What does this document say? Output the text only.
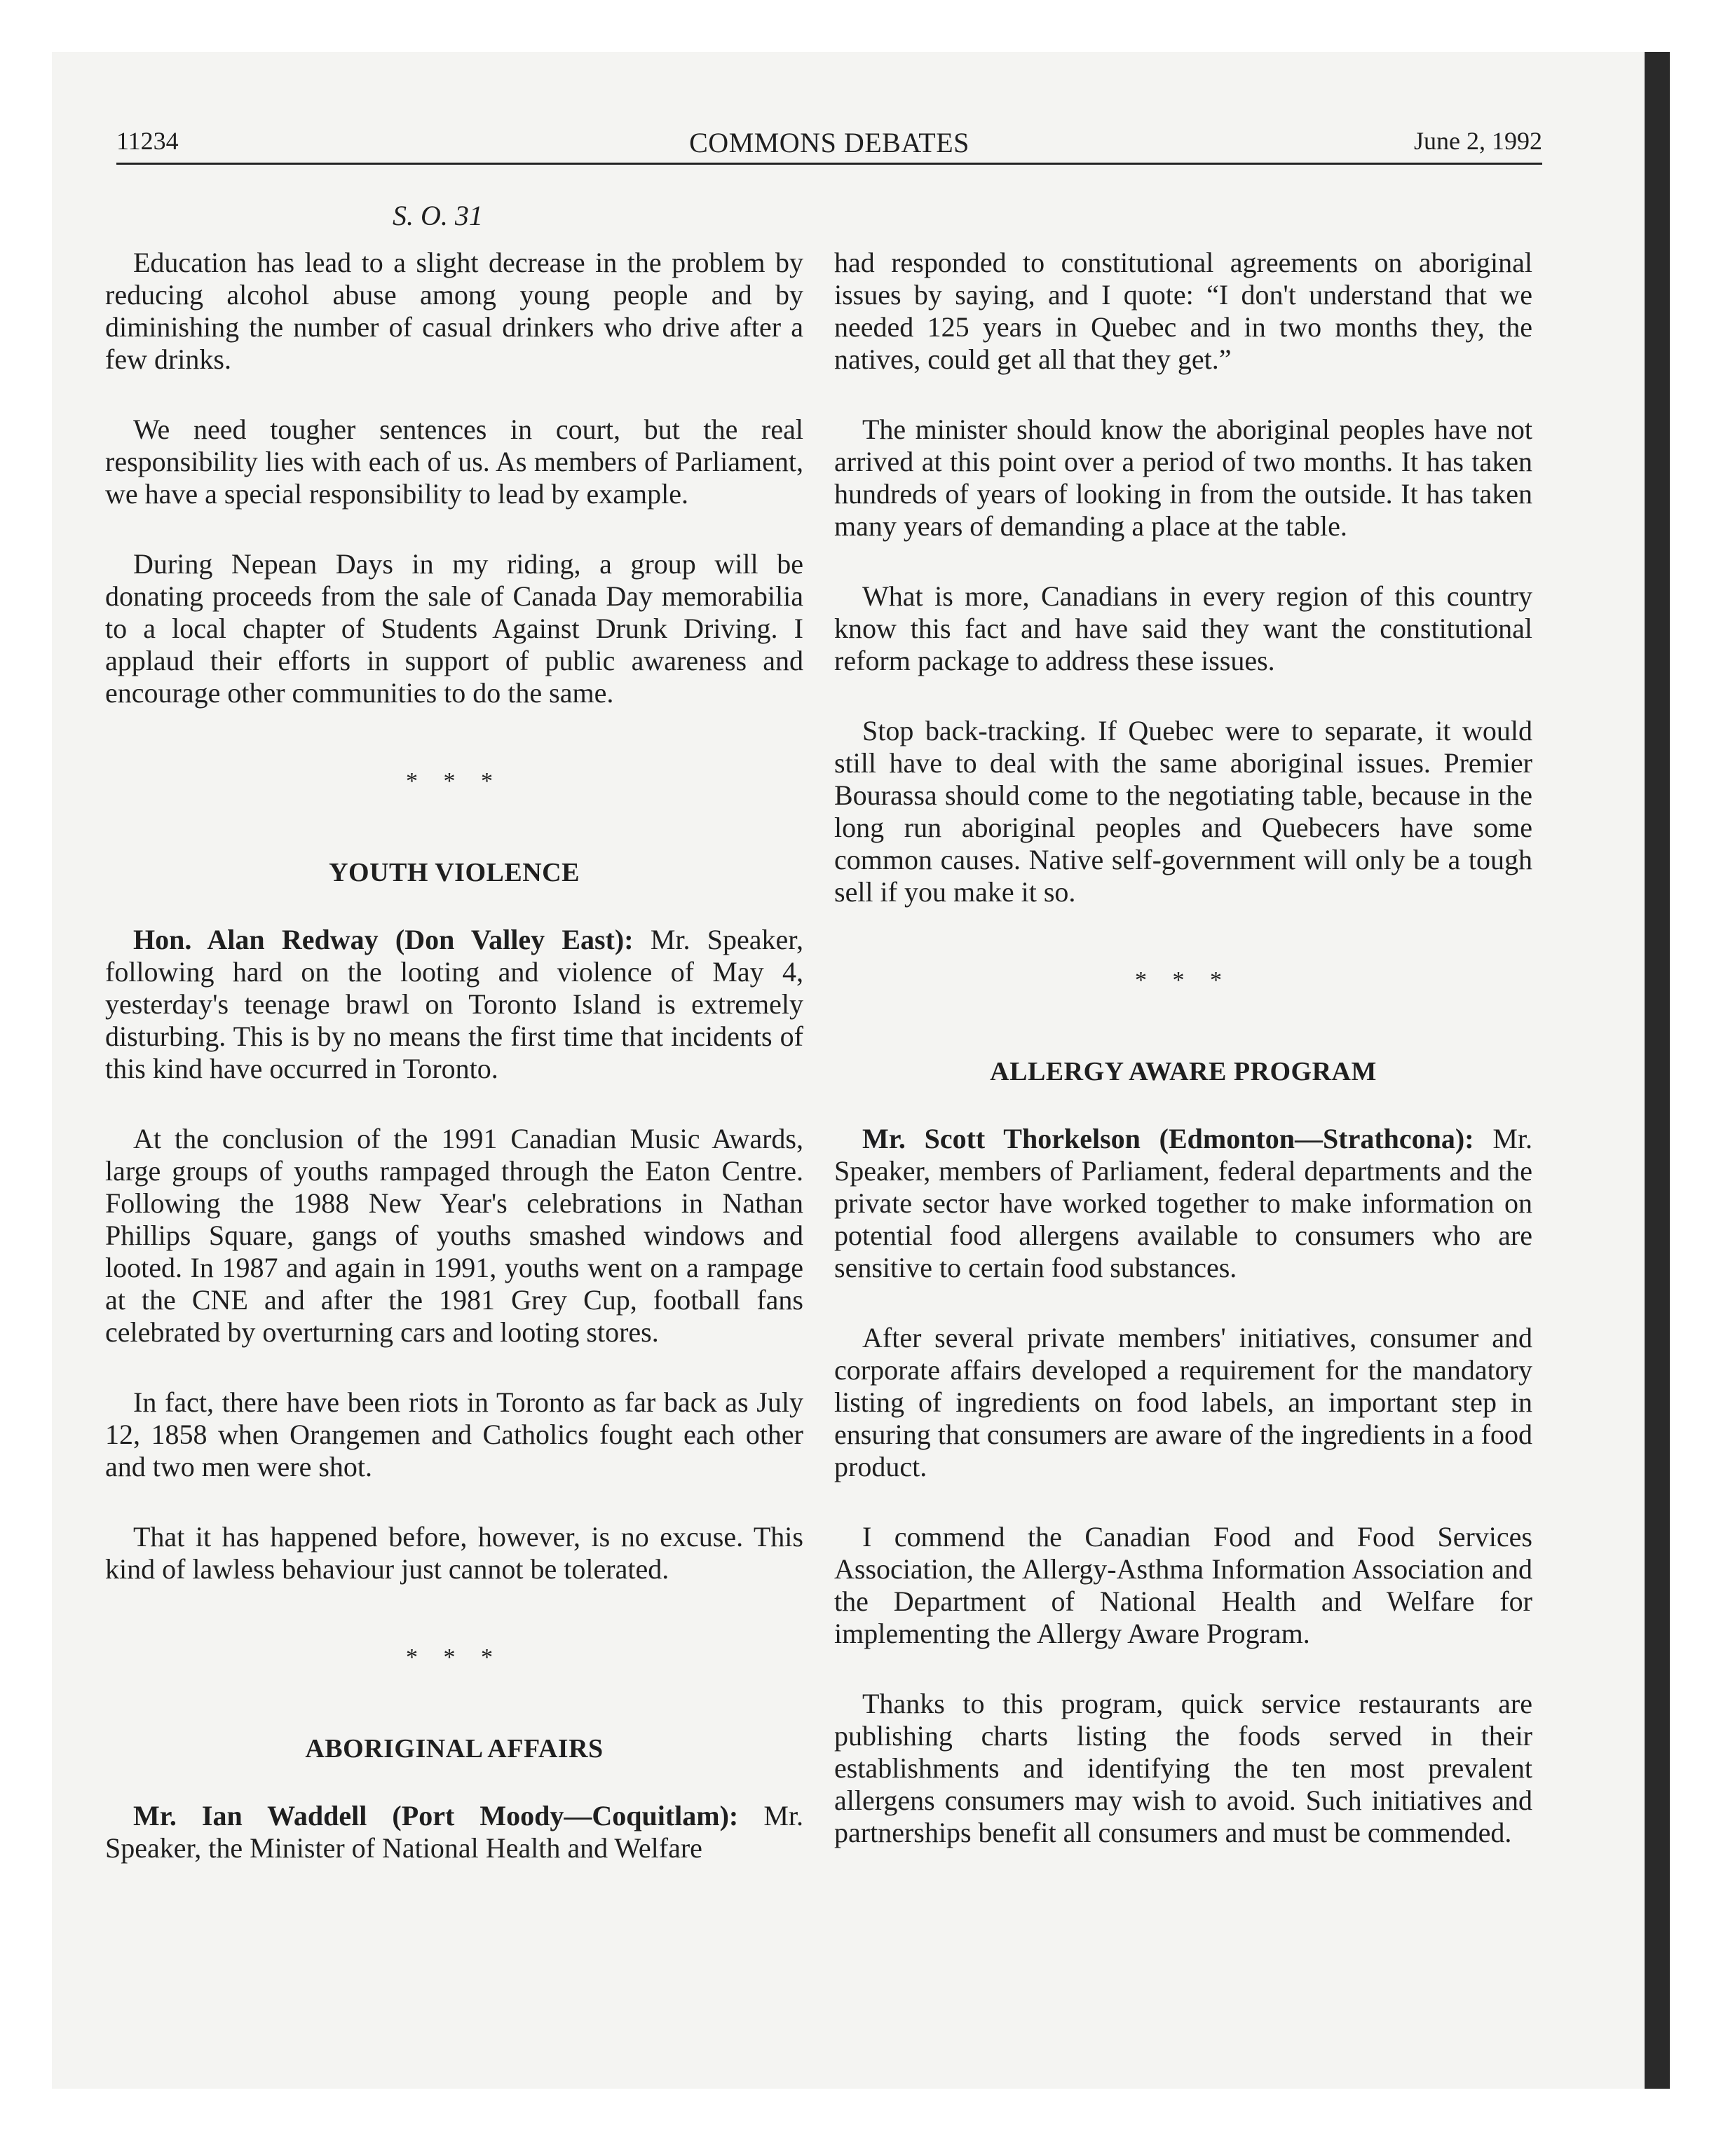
11234	COMMONS DEBATES	June 2, 1992
S. O. 31

Education has lead to a slight decrease in the problem by reducing alcohol abuse among young people and by diminishing the number of casual drinkers who drive after a few drinks.

We need tougher sentences in court, but the real responsibility lies with each of us. As members of Parliament, we have a special responsibility to lead by example.

During Nepean Days in my riding, a group will be donating proceeds from the sale of Canada Day memorabilia to a local chapter of Students Against Drunk Driving. I applaud their efforts in support of public awareness and encourage other communities to do the same.

* * *
YOUTH VIOLENCE

Hon. Alan Redway (Don Valley East): Mr. Speaker, following hard on the looting and violence of May 4, yesterday's teenage brawl on Toronto Island is extremely disturbing. This is by no means the first time that incidents of this kind have occurred in Toronto.

At the conclusion of the 1991 Canadian Music Awards, large groups of youths rampaged through the Eaton Centre. Following the 1988 New Year's celebrations in Nathan Phillips Square, gangs of youths smashed windows and looted. In 1987 and again in 1991, youths went on a rampage at the CNE and after the 1981 Grey Cup, football fans celebrated by overturning cars and looting stores.

In fact, there have been riots in Toronto as far back as July 12, 1858 when Orangemen and Catholics fought each other and two men were shot.

That it has happened before, however, is no excuse. This kind of lawless behaviour just cannot be tolerated.

* * *
ABORIGINAL AFFAIRS

Mr. Ian Waddell (Port Moody—Coquitlam): Mr. Speaker, the Minister of National Health and Welfare

had responded to constitutional agreements on aboriginal issues by saying, and I quote: “I don't understand that we needed 125 years in Quebec and in two months they, the natives, could get all that they get.”

The minister should know the aboriginal peoples have not arrived at this point over a period of two months. It has taken hundreds of years of looking in from the outside. It has taken many years of demanding a place at the table.

What is more, Canadians in every region of this country know this fact and have said they want the constitutional reform package to address these issues.

Stop back-tracking. If Quebec were to separate, it would still have to deal with the same aboriginal issues. Premier Bourassa should come to the negotiating table, because in the long run aboriginal peoples and Quebecers have some common causes. Native self-government will only be a tough sell if you make it so.

* * *
ALLERGY AWARE PROGRAM

Mr. Scott Thorkelson (Edmonton—Strathcona): Mr. Speaker, members of Parliament, federal departments and the private sector have worked together to make information on potential food allergens available to consumers who are sensitive to certain food substances.

After several private members' initiatives, consumer and corporate affairs developed a requirement for the mandatory listing of ingredients on food labels, an important step in ensuring that consumers are aware of the ingredients in a food product.

I commend the Canadian Food and Food Services Association, the Allergy-Asthma Information Association and the Department of National Health and Welfare for implementing the Allergy Aware Program.

Thanks to this program, quick service restaurants are publishing charts listing the foods served in their establishments and identifying the ten most prevalent allergens consumers may wish to avoid. Such initiatives and partnerships benefit all consumers and must be commended.
